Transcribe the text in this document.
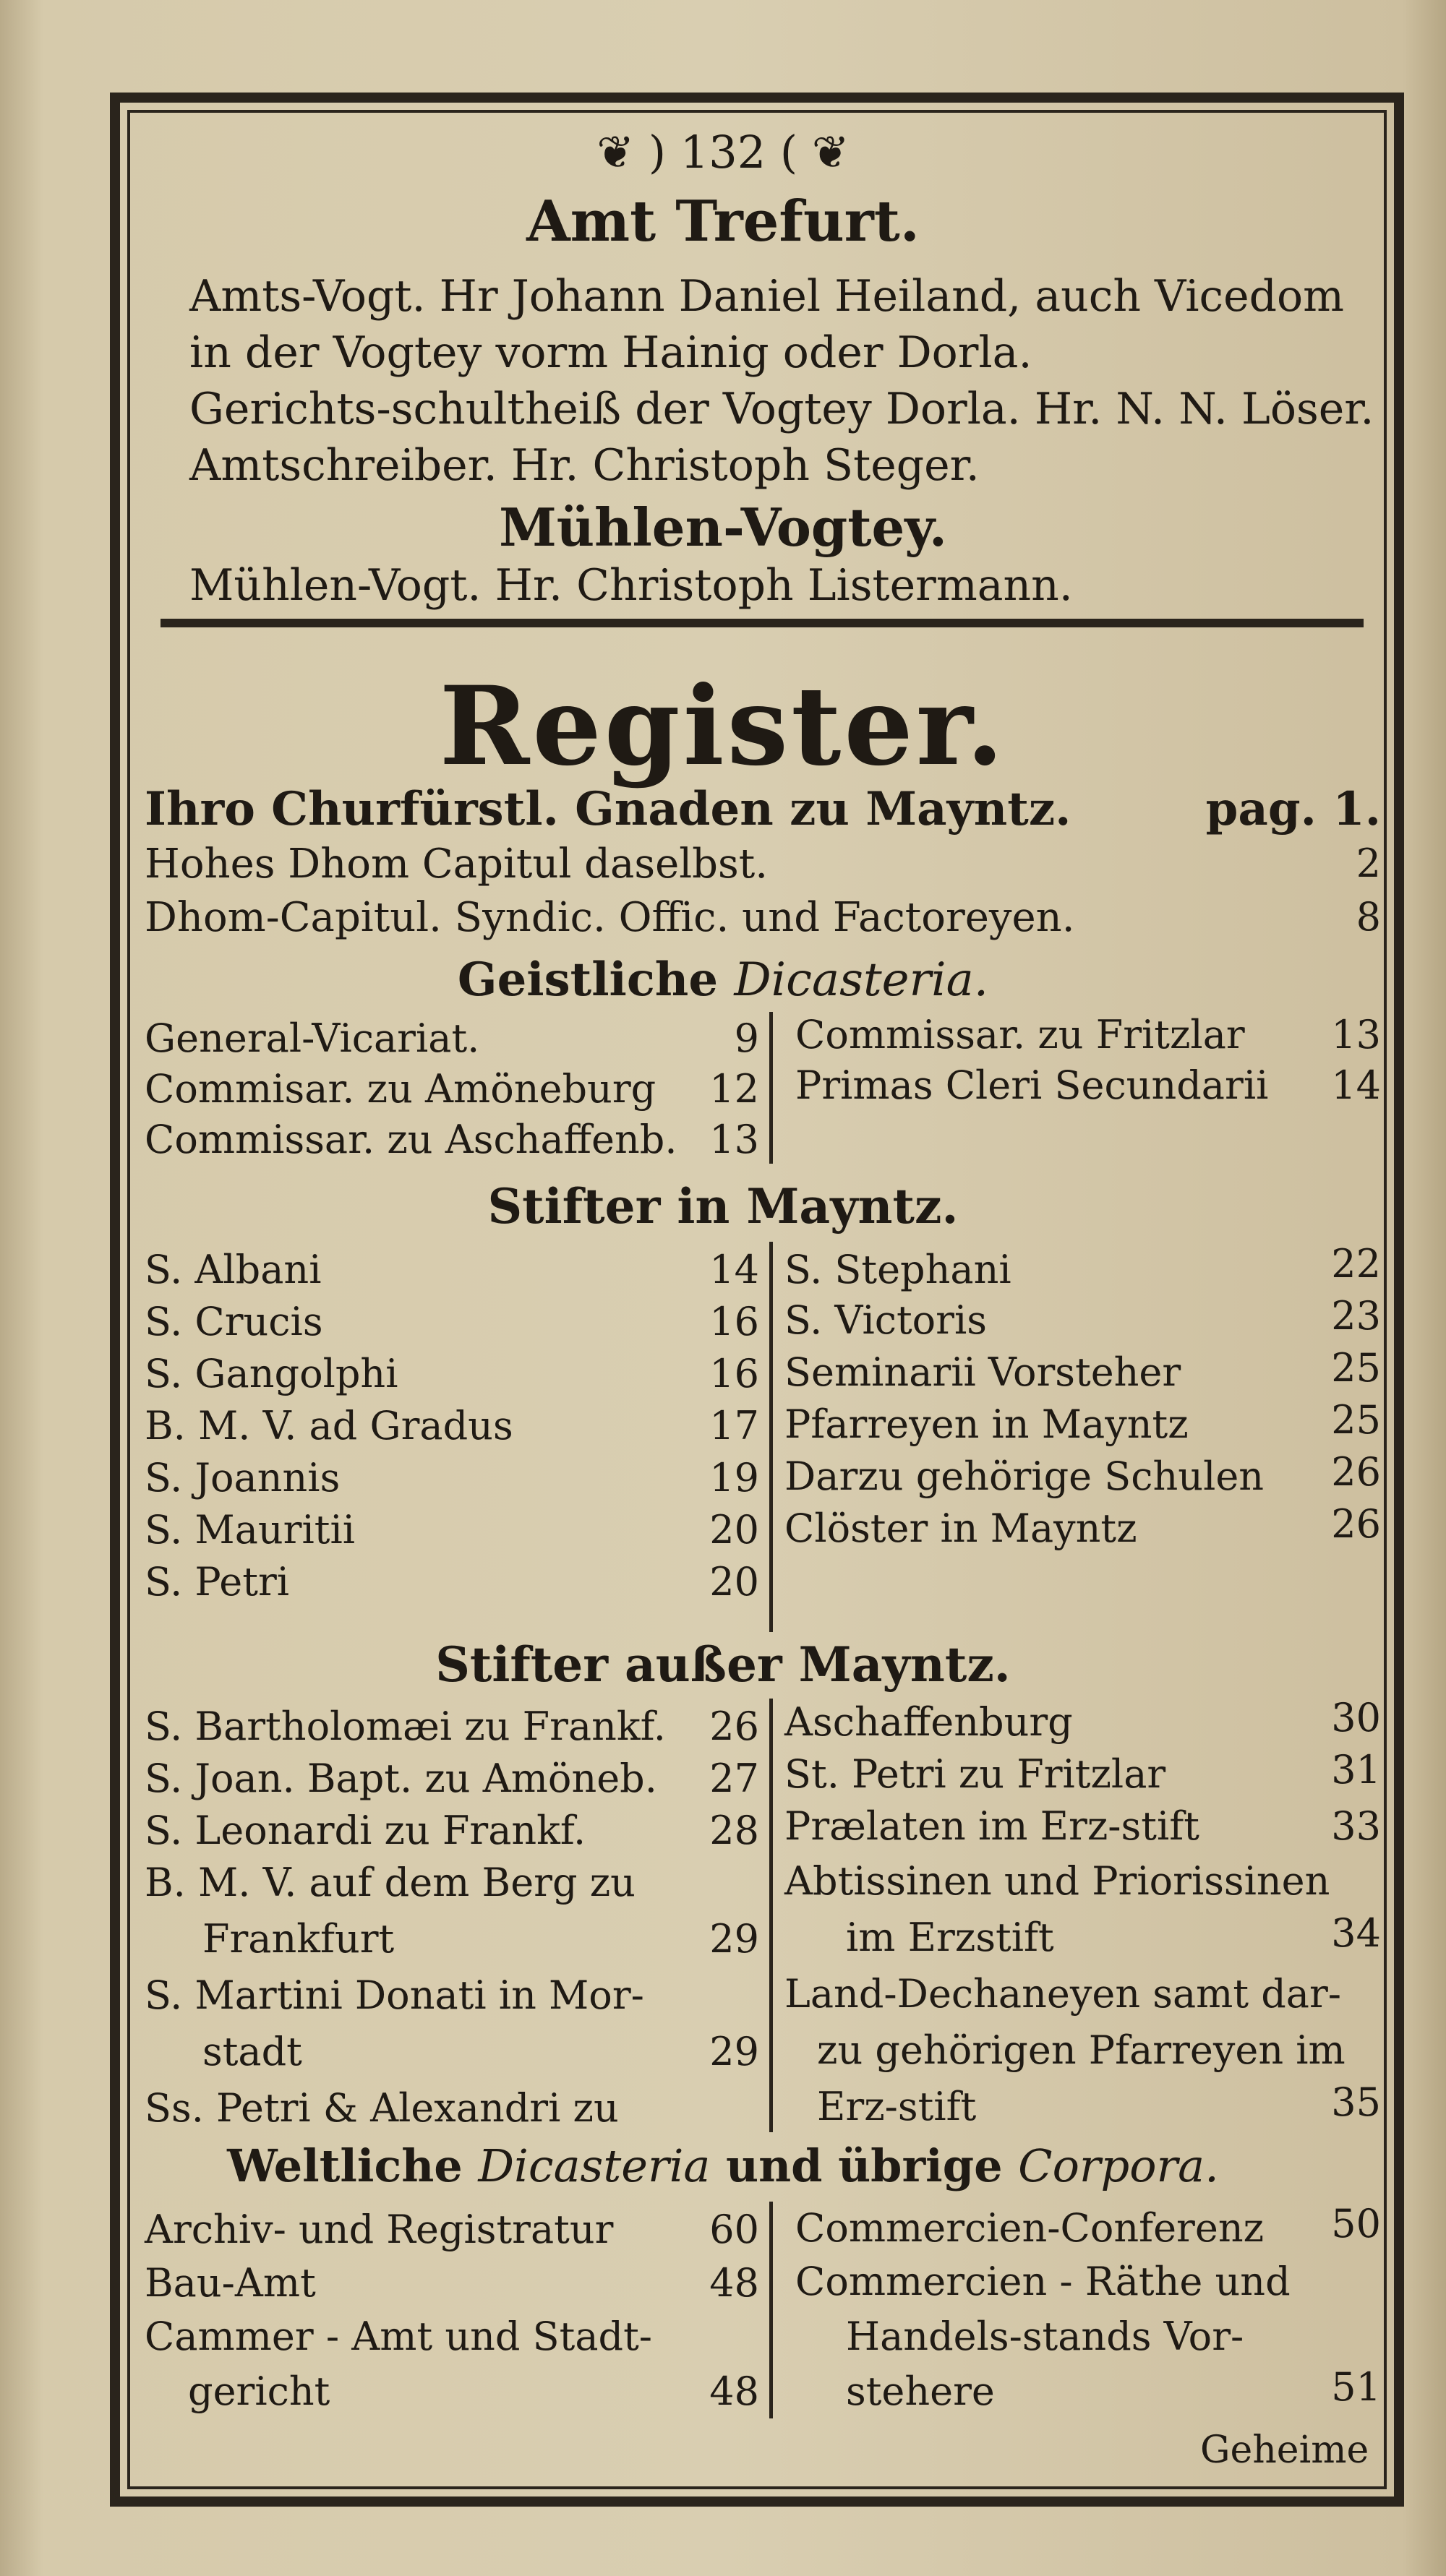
❦ ) 132 ( ❦
Amt Trefurt.
Amts-Vogt. Hr Johann Daniel Heiland, auch Vicedom
in der Vogtey vorm Hainig oder Dorla.
Gerichts-schultheiß der Vogtey Dorla. Hr. N. N. Löser.
Amtschreiber. Hr. Christoph Steger.
Mühlen-Vogtey.
Mühlen-Vogt. Hr. Christoph Listermann.
Register.
Ihro Churfürstl. Gnaden zu Mayntz.	pag. 1.
Hohes Dhom Capitul daselbst.	2
Dhom-Capitul. Syndic. Offic. und Factoreyen.	8
Geistliche Dicasteria.
General-Vicariat.	9
Commisar. zu Amöneburg	12
Commissar. zu Aschaffenb. 13
Commissar. zu Fritzlar	13
Primas Cleri Secundarii	14
Stifter in Mayntz.
S. Albani	14
S. Crucis	16
S. Gangolphi	16
B. M. V. ad Gradus	17
S. Joannis	19
S. Mauritii	20
S. Petri	20
S. Stephani	22
S. Victoris	23
Seminarii Vorsteher	25
Pfarreyen in Mayntz	25
Darzu gehörige Schulen	26
Clöster in Mayntz	26
Stifter außer Mayntz.
S. Bartholomæi zu Frankf.	26
S. Joan. Bapt. zu Amöneb.	27
S. Leonardi zu Frankf.	28
B. M. V. auf dem Berg zu
Frankfurt	29
S. Martini Donati in Mor-
stadt	29
Ss. Petri & Alexandri zu
Aschaffenburg	30
St. Petri zu Fritzlar	31
Prælaten im Erz-stift	33
Abtissinen und Priorissinen
im Erzstift	34
Land-Dechaneyen samt dar-
zu gehörigen Pfarreyen im
Erz-stift	35
Weltliche Dicasteria und übrige Corpora.
Archiv- und Registratur	60
Bau-Amt	48
Cammer - Amt und Stadt-
gericht	48
Commercien-Conferenz	50
Commercien - Räthe und
Handels-stands Vor-
stehere	51
Geheime
